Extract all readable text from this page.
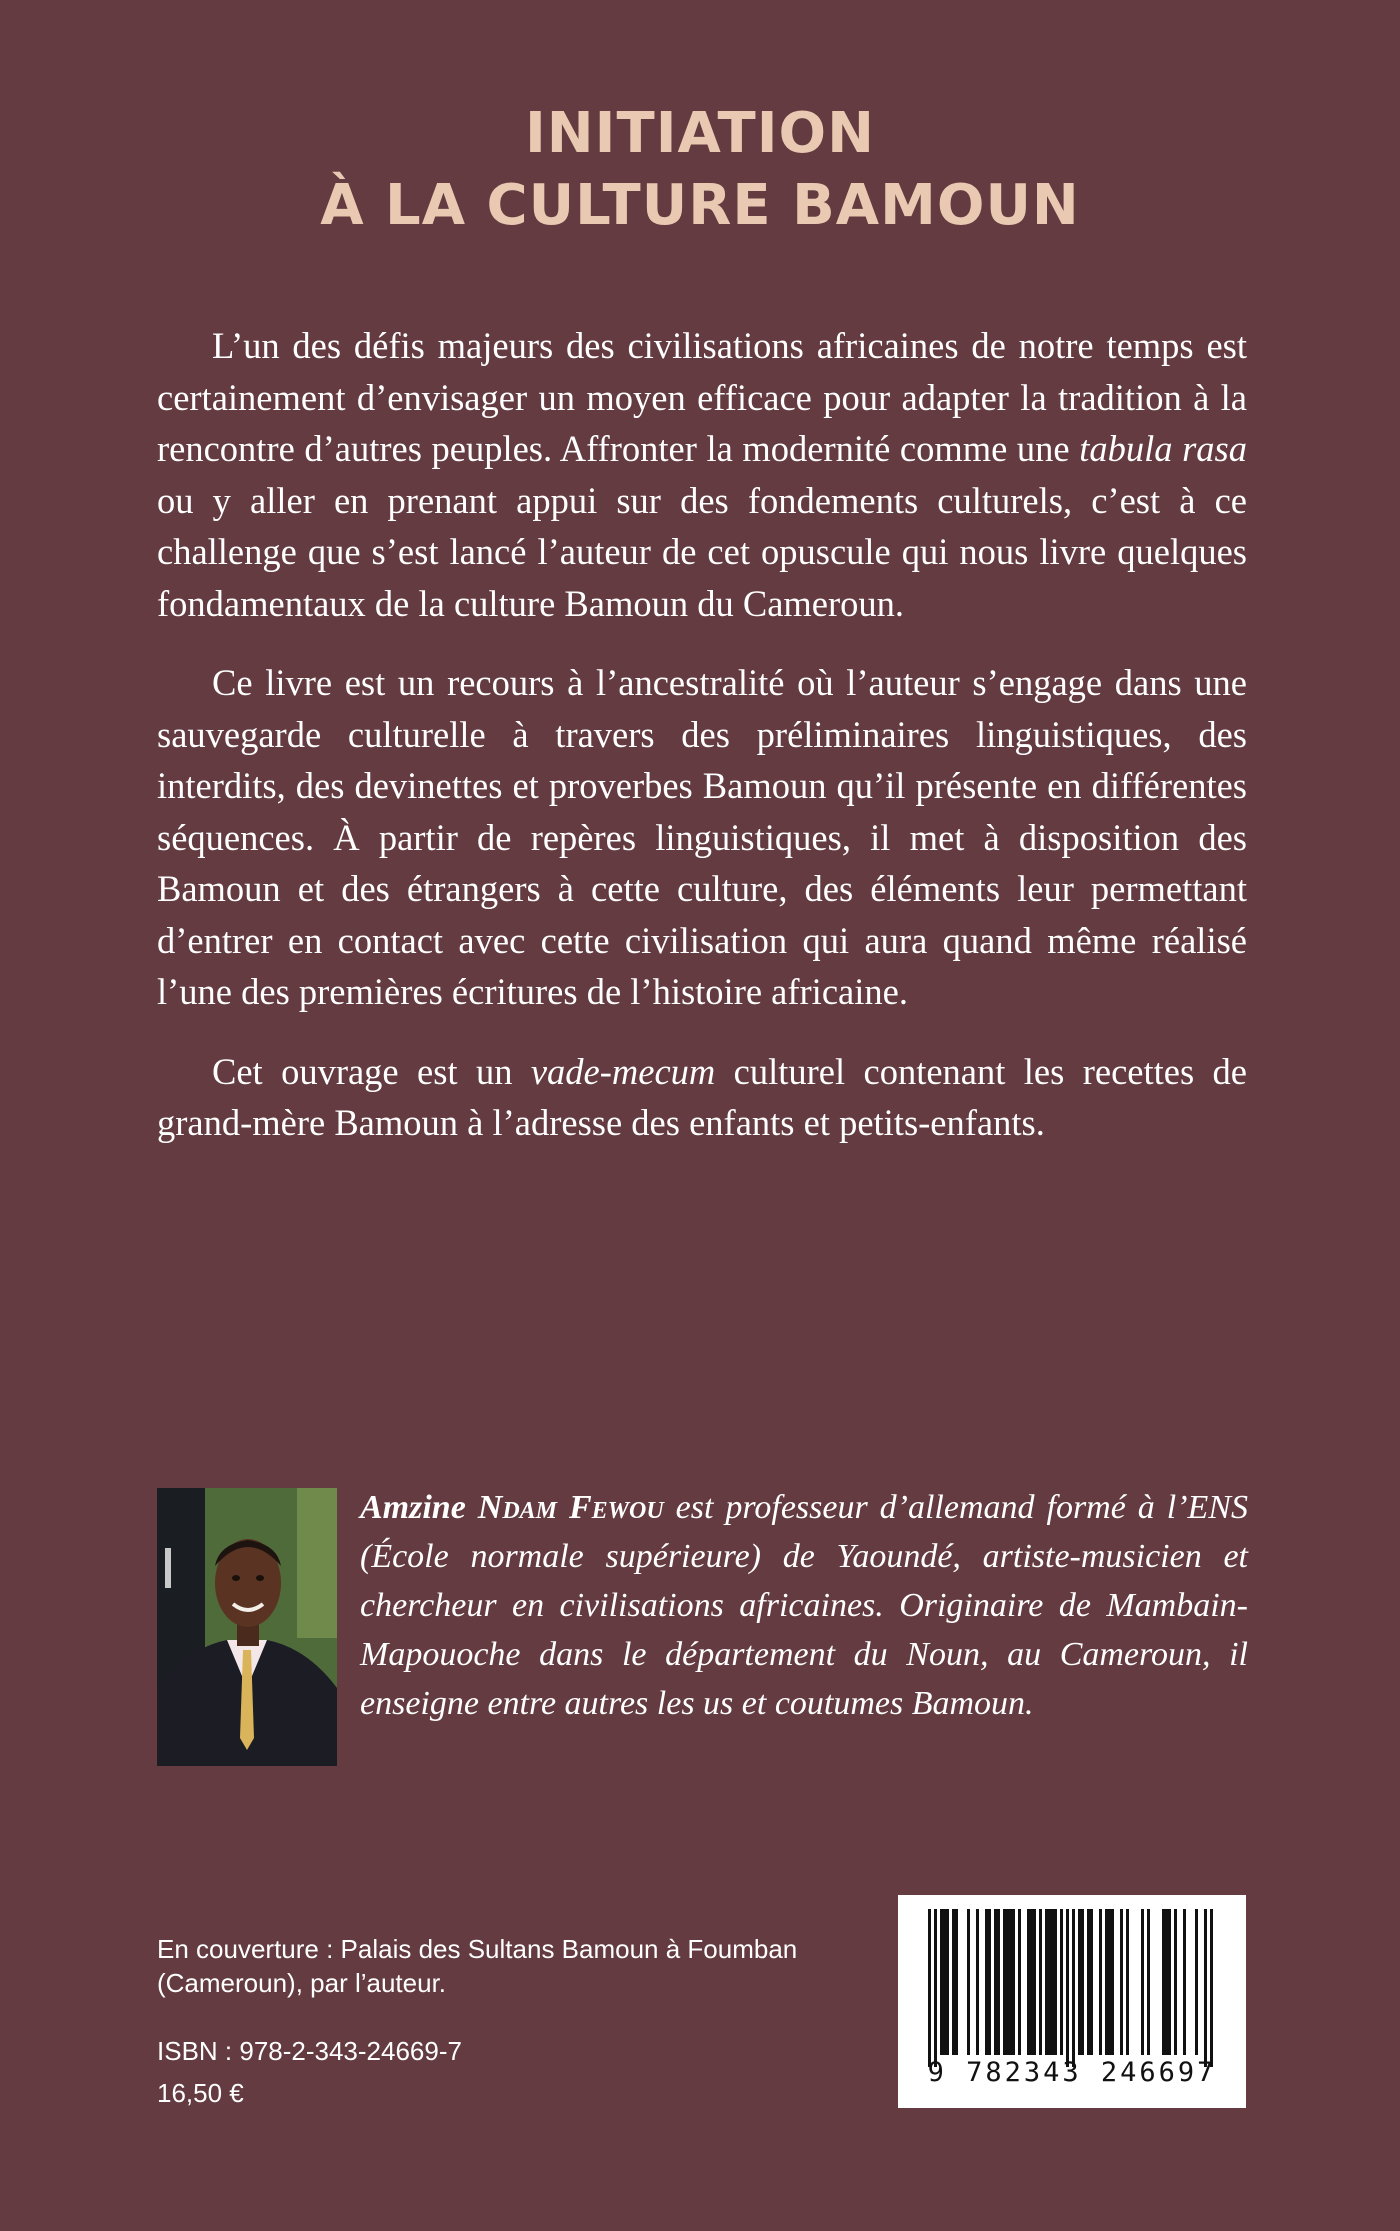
INITIATION
À LA CULTURE BAMOUN

L’un des défis majeurs des civilisations africaines de notre temps est certainement d’envisager un moyen efficace pour adapter la tradition à la rencontre d’autres peuples. Affronter la modernité comme une tabula rasa ou y aller en prenant appui sur des fondements culturels, c’est à ce challenge que s’est lancé l’auteur de cet opuscule qui nous livre quelques fondamentaux de la culture Bamoun du Cameroun.

Ce livre est un recours à l’ancestralité où l’auteur s’engage dans une sauvegarde culturelle à travers des préliminaires linguistiques, des interdits, des devinettes et proverbes Bamoun qu’il présente en différentes séquences. À partir de repères linguistiques, il met à disposition des Bamoun et des étrangers à cette culture, des éléments leur permettant d’entrer en contact avec cette civilisation qui aura quand même réalisé l’une des premières écritures de l’histoire africaine.

Cet ouvrage est un vade-mecum culturel contenant les recettes de grand-mère Bamoun à l’adresse des enfants et petits-enfants.

Amzine Ndam Fewou est professeur d’allemand formé à l’ENS (École normale supérieure) de Yaoundé, artiste-musicien et chercheur en civilisations africaines. Originaire de Mambain-Mapouoche dans le département du Noun, au Cameroun, il enseigne entre autres les us et coutumes Bamoun.

En couverture : Palais des Sultans Bamoun à Foumban (Cameroun), par l’auteur.

ISBN : 978-2-343-24669-7

16,50 €

9 782343 246697
